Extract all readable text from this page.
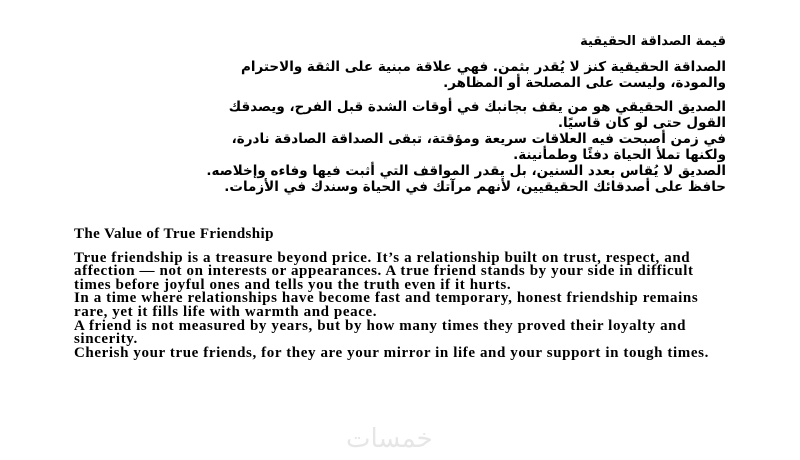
قيمة الصداقة الحقيقية

الصداقة الحقيقية كنز لا يُقدر بثمن. فهي علاقة مبنية على الثقة والاحترام والمودة، وليست على المصلحة أو المظاهر.

الصديق الحقيقي هو من يقف بجانبك في أوقات الشدة قبل الفرح، ويصدقك القول حتى لو كان قاسيًا.

في زمن أصبحت فيه العلاقات سريعة ومؤقتة، تبقى الصداقة الصادقة نادرة، ولكنها تملأ الحياة دفئًا وطمأنينة.

الصديق لا يُقاس بعدد السنين، بل يقدر المواقف التي أثبت فيها وفاءه وإخلاصه.

حافظ على أصدقائك الحقيقيين، لأنهم مرآتك في الحياة وسندك في الأزمات.

The Value of True Friendship

True friendship is a treasure beyond price. It’s a relationship built on trust, respect, and affection — not on interests or appearances. A true friend stands by your side in difficult times before joyful ones and tells you the truth even if it hurts.

In a time where relationships have become fast and temporary, honest friendship remains rare, yet it fills life with warmth and peace.

A friend is not measured by years, but by how many times they proved their loyalty and sincerity.

Cherish your true friends, for they are your mirror in life and your support in tough times.

خمسات
